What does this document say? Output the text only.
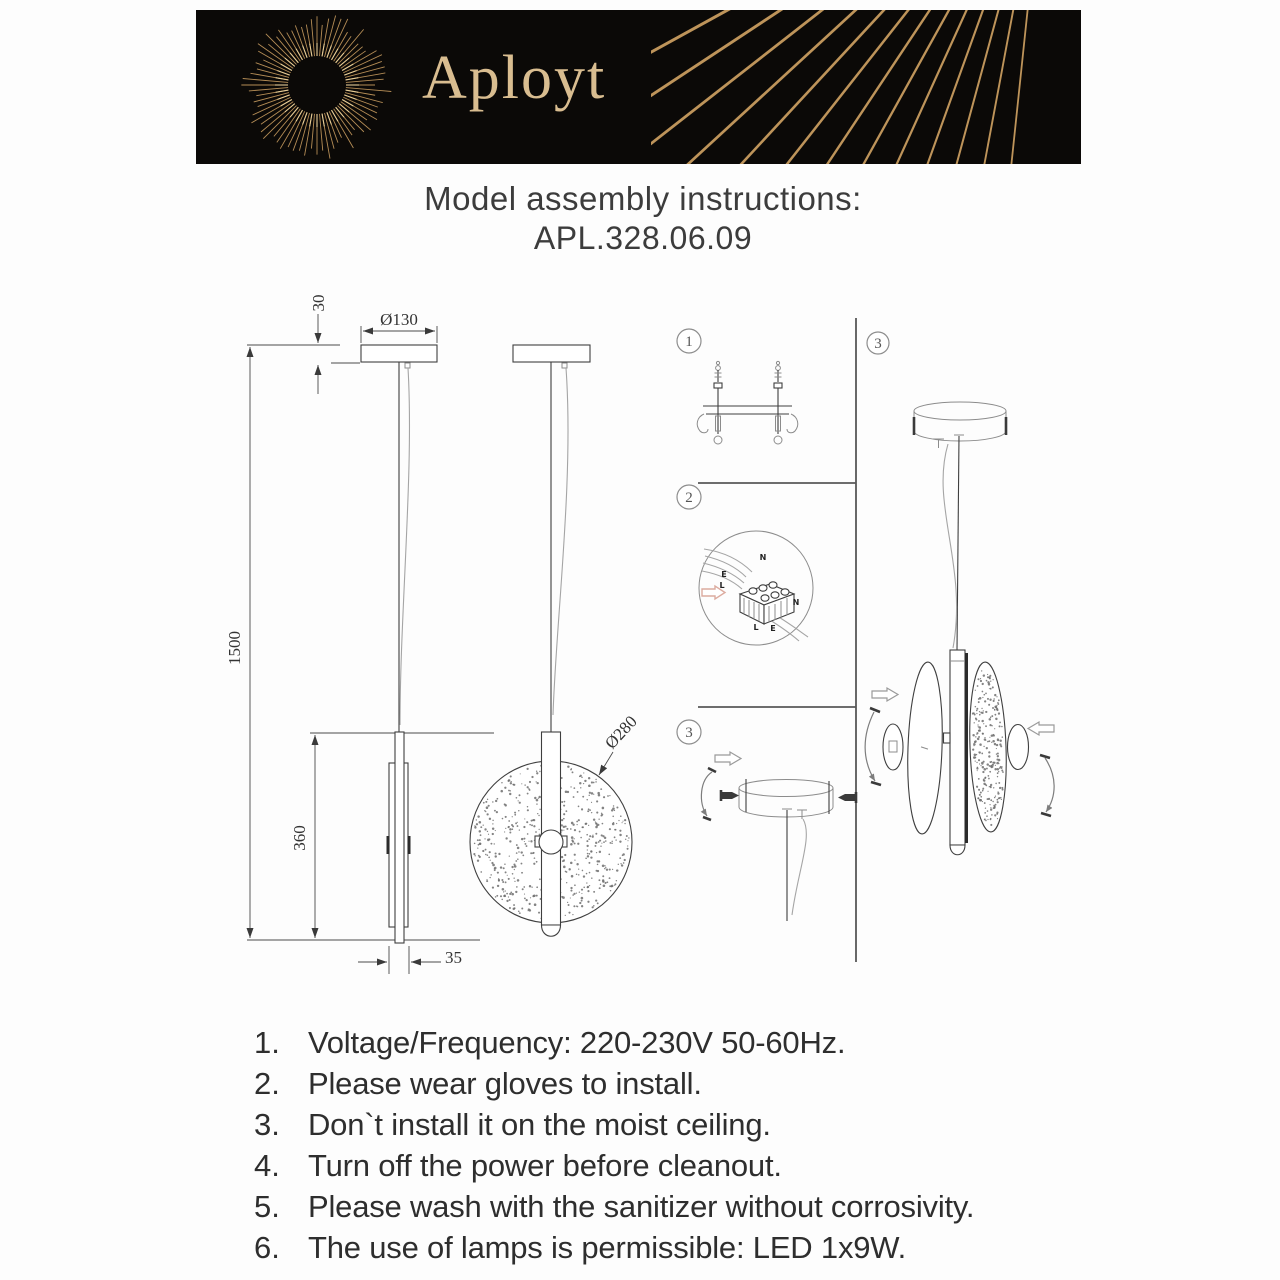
Aployt
Model assembly instructions:
APL.328.06.09
1500
30
Ø130
360
35
Ø280
1
2
N
E
L
N
L E
3
3
1. Voltage/Frequency: 220-230V 50-60Hz.
2. Please wear gloves to install.
3. Don`t install it on the moist ceiling.
4. Turn off the power before cleanout.
5. Please wash with the sanitizer without corrosivity.
6. The use of lamps is permissible: LED 1x9W.
